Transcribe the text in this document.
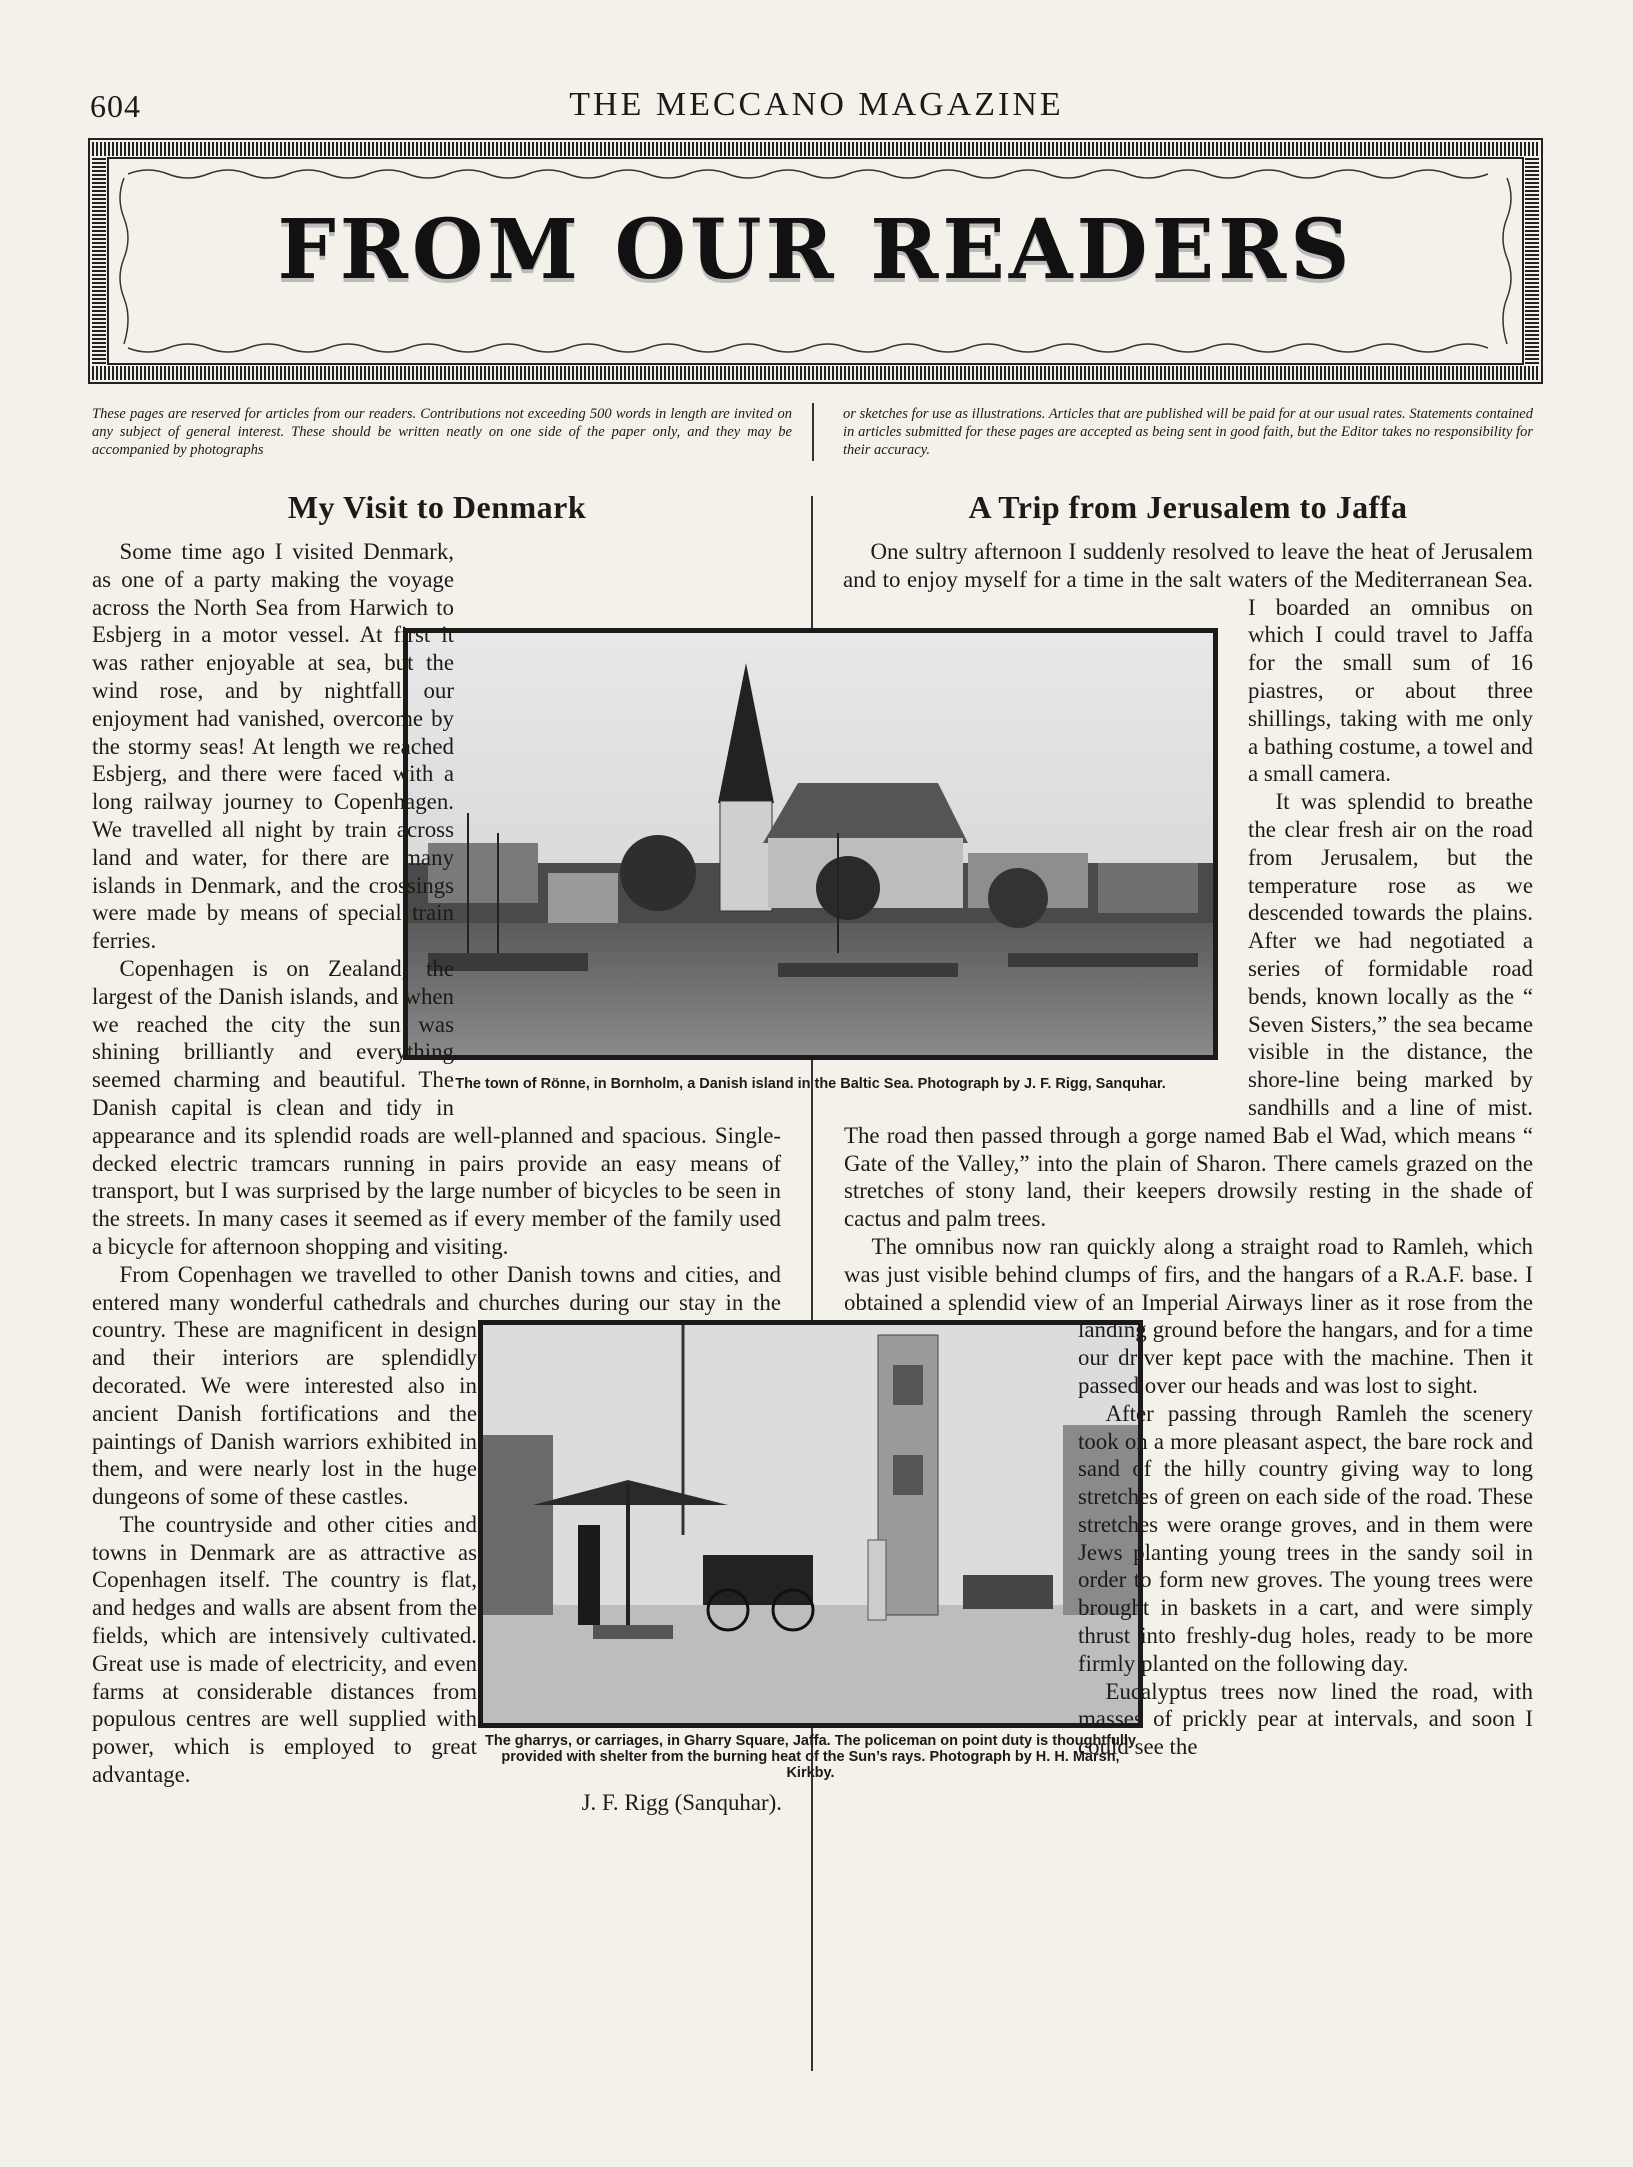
604	THE MECCANO MAGAZINE
FROM OUR READERS
These pages are reserved for articles from our readers. Contributions not exceeding 500 words in length are invited on any subject of general interest. These should be written neatly on one side of the paper only, and they may be accompanied by photographs
or sketches for use as illustrations. Articles that are published will be paid for at our usual rates. Statements contained in articles submitted for these pages are accepted as being sent in good faith, but the Editor takes no responsibility for their accuracy.
My Visit to Denmark	A Trip from Jerusalem to Jaffa
The town of Rönne, in Bornholm, a Danish island in the Baltic Sea. Photograph by J. F. Rigg, Sanquhar.
The gharrys, or carriages, in Gharry Square, Jaffa. The policeman on point duty is thoughtfully provided with shelter from the burning heat of the Sun’s rays. Photograph by H. H. Marsh, Kirkby.

Some time ago I visited Denmark, as one of a party making the voyage across the North Sea from Harwich to Esbjerg in a motor vessel. At first it was rather enjoyable at sea, but the wind rose, and by nightfall our enjoyment had vanished, overcome by the stormy seas! At length we reached Esbjerg, and there were faced with a long railway journey to Copenhagen. We travelled all night by train across land and water, for there are many islands in Denmark, and the crossings were made by means of special train ferries.

Copenhagen is on Zealand, the largest of the Danish islands, and when we reached the city the sun was shining brilliantly and everything seemed charming and beautiful. The Danish capital is clean and tidy in appearance and its splendid roads are well-planned and spacious. Single-decked electric tramcars running in pairs provide an easy means of transport, but I was surprised by the large number of bicycles to be seen in the streets. In many cases it seemed as if every member of the family used a bicycle for afternoon shopping and visiting.

From Copenhagen we travelled to other Danish towns and cities, and entered many wonderful cathedrals and churches during our stay in the country. These are magnificent in design and their interiors are splendidly decorated. We were interested also in ancient Danish fortifications and the paintings of Danish warriors exhibited in them, and were nearly lost in the huge dungeons of some of these castles.

The countryside and other cities and towns in Denmark are as attractive as Copenhagen itself. The country is flat, and hedges and walls are absent from the fields, which are intensively cultivated. Great use is made of electricity, and even farms at considerable distances from populous centres are well supplied with power, which is employed to great advantage.

J. F. Rigg (Sanquhar).

One sultry afternoon I suddenly resolved to leave the heat of Jerusalem and to enjoy myself for a time in the salt waters of the Mediterranean Sea. I boarded an omnibus on which I could travel to Jaffa for the small sum of 16 piastres, or about three shillings, taking with me only a bathing costume, a towel and a small camera.

It was splendid to breathe the clear fresh air on the road from Jerusalem, but the temperature rose as we descended towards the plains. After we had negotiated a series of formidable road bends, known locally as the “ Seven Sisters,” the sea became visible in the distance, the shore-line being marked by sandhills and a line of mist. The road then passed through a gorge named Bab el Wad, which means “ Gate of the Valley,” into the plain of Sharon. There camels grazed on the stretches of stony land, their keepers drowsily resting in the shade of cactus and palm trees.

The omnibus now ran quickly along a straight road to Ramleh, which was just visible behind clumps of firs, and the hangars of a R.A.F. base. I obtained a splendid view of an Imperial Airways liner as it rose from the landing ground before the hangars, and for a time our driver kept pace with the machine. Then it passed over our heads and was lost to sight.

After passing through Ramleh the scenery took on a more pleasant aspect, the bare rock and sand of the hilly country giving way to long stretches of green on each side of the road. These stretches were orange groves, and in them were Jews planting young trees in the sandy soil in order to form new groves. The young trees were brought in baskets in a cart, and were simply thrust into freshly-dug holes, ready to be more firmly planted on the following day.

Eucalyptus trees now lined the road, with masses of prickly pear at intervals, and soon I could see the
